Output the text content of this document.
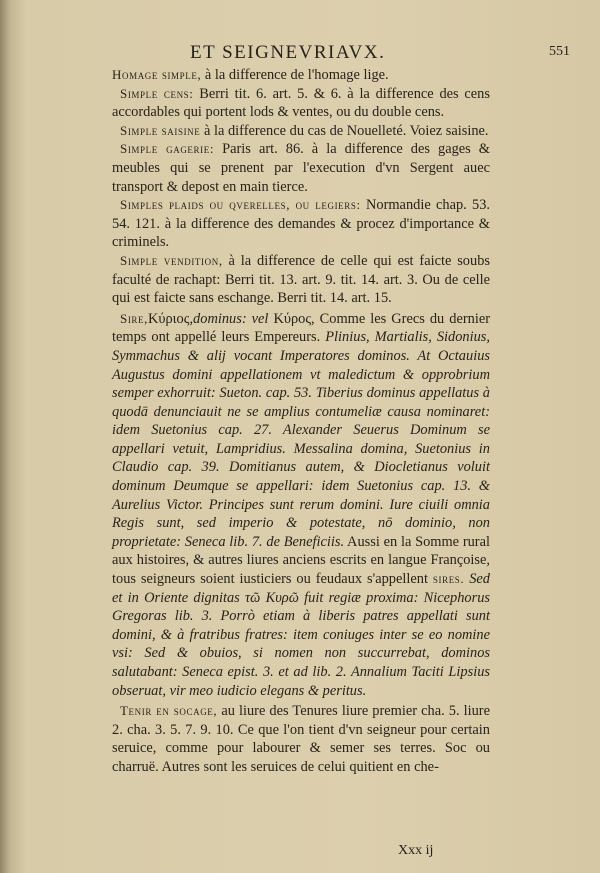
ET SEIGNEVRIAVX.	551

Homage simple, à la difference de l'homage lige.

Simple cens: Berri tit. 6. art. 5. & 6. à la difference des cens accordables qui portent lods & ventes, ou du double cens.

Simple saisine à la difference du cas de Nouelleté. Voiez saisine.

Simple gagerie: Paris art. 86. à la difference des gages & meubles qui se prenent par l'execution d'vn Sergent auec transport & depost en main tierce.

Simples plaids ou qverelles, ou legiers: Normandie chap. 53. 54. 121. à la difference des demandes & procez d'importance & criminels.

Simple vendition, à la difference de celle qui est faicte soubs faculté de rachapt: Berri tit. 13. art. 9. tit. 14. art. 3. Ou de celle qui est faicte sans eschange. Berri tit. 14. art. 15.

Sire,Κύριος,dominus: vel Κύρος, Comme les Grecs du dernier temps ont appellé leurs Empereurs. Plinius, Martialis, Sidonius, Symmachus & alij vocant Imperatores dominos. At Octauius Augustus domini appellationem vt maledictum & opprobrium semper exhorruit: Sueton. cap. 53. Tiberius dominus appellatus à quodā denunciauit ne se amplius contumeliæ causa nominaret: idem Suetonius cap. 27. Alexander Seuerus Dominum se appellari vetuit, Lampridius. Messalina domina, Suetonius in Claudio cap. 39. Domitianus autem, & Diocletianus voluit dominum Deumque se appellari: idem Suetonius cap. 13. & Aurelius Victor. Principes sunt rerum domini. Iure ciuili omnia Regis sunt, sed imperio & potestate, nō dominio, non proprietate: Seneca lib. 7. de Beneficiis. Aussi en la Somme rural aux histoires, & autres liures anciens escrits en langue Françoise, tous seigneurs soient iusticiers ou feudaux s'appellent sires. Sed et in Oriente dignitas τῶ Κυρῶ fuit regiæ proxima: Nicephorus Gregoras lib. 3. Porrò etiam à liberis patres appellati sunt domini, & à fratribus fratres: item coniuges inter se eo nomine vsi: Sed & obuios, si nomen non succurrebat, dominos salutabant: Seneca epist. 3. et ad lib. 2. Annalium Taciti Lipsius obseruat, vir meo iudicio elegans & peritus.

Tenir en socage, au liure des Tenures liure premier cha. 5. liure 2. cha. 3. 5. 7. 9. 10. Ce que l'on tient d'vn seigneur pour certain seruice, comme pour labourer & semer ses terres. Soc ou charruë. Autres sont les seruices de celui quitient en che-

Xxx ij
